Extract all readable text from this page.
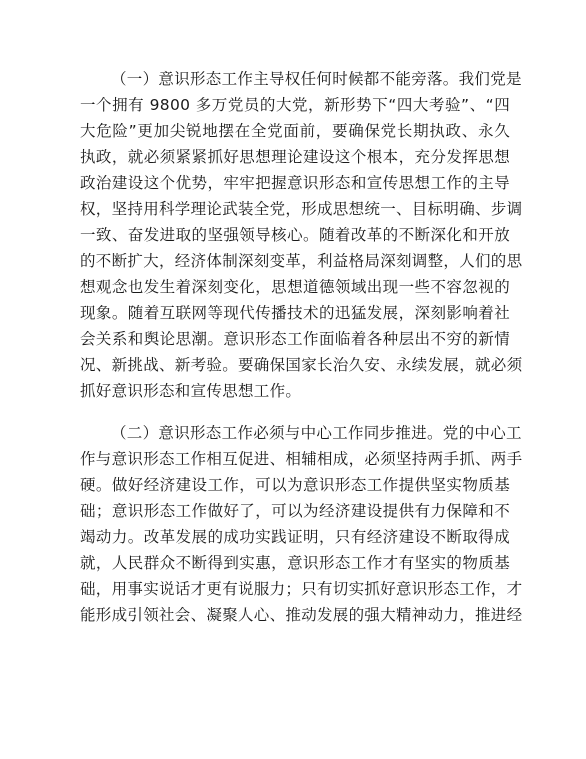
（一）意识形态工作主导权任何时候都不能旁落。我们党是
一个拥有 9800 多万党员的大党，新形势下“四大考验”、“四
大危险”更加尖锐地摆在全党面前，要确保党长期执政、永久
执政，就必须紧紧抓好思想理论建设这个根本，充分发挥思想
政治建设这个优势，牢牢把握意识形态和宣传思想工作的主导
权，坚持用科学理论武装全党，形成思想统一、目标明确、步调
一致、奋发进取的坚强领导核心。随着改革的不断深化和开放
的不断扩大，经济体制深刻变革，利益格局深刻调整，人们的思
想观念也发生着深刻变化，思想道德领域出现一些不容忽视的
现象。随着互联网等现代传播技术的迅猛发展，深刻影响着社
会关系和舆论思潮。意识形态工作面临着各种层出不穷的新情
况、新挑战、新考验。要确保国家长治久安、永续发展，就必须
抓好意识形态和宣传思想工作。
（二）意识形态工作必须与中心工作同步推进。党的中心工
作与意识形态工作相互促进、相辅相成，必须坚持两手抓、两手
硬。做好经济建设工作，可以为意识形态工作提供坚实物质基
础；意识形态工作做好了，可以为经济建设提供有力保障和不
竭动力。改革发展的成功实践证明，只有经济建设不断取得成
就，人民群众不断得到实惠，意识形态工作才有坚实的物质基
础，用事实说话才更有说服力；只有切实抓好意识形态工作，才
能形成引领社会、凝聚人心、推动发展的强大精神动力，推进经
